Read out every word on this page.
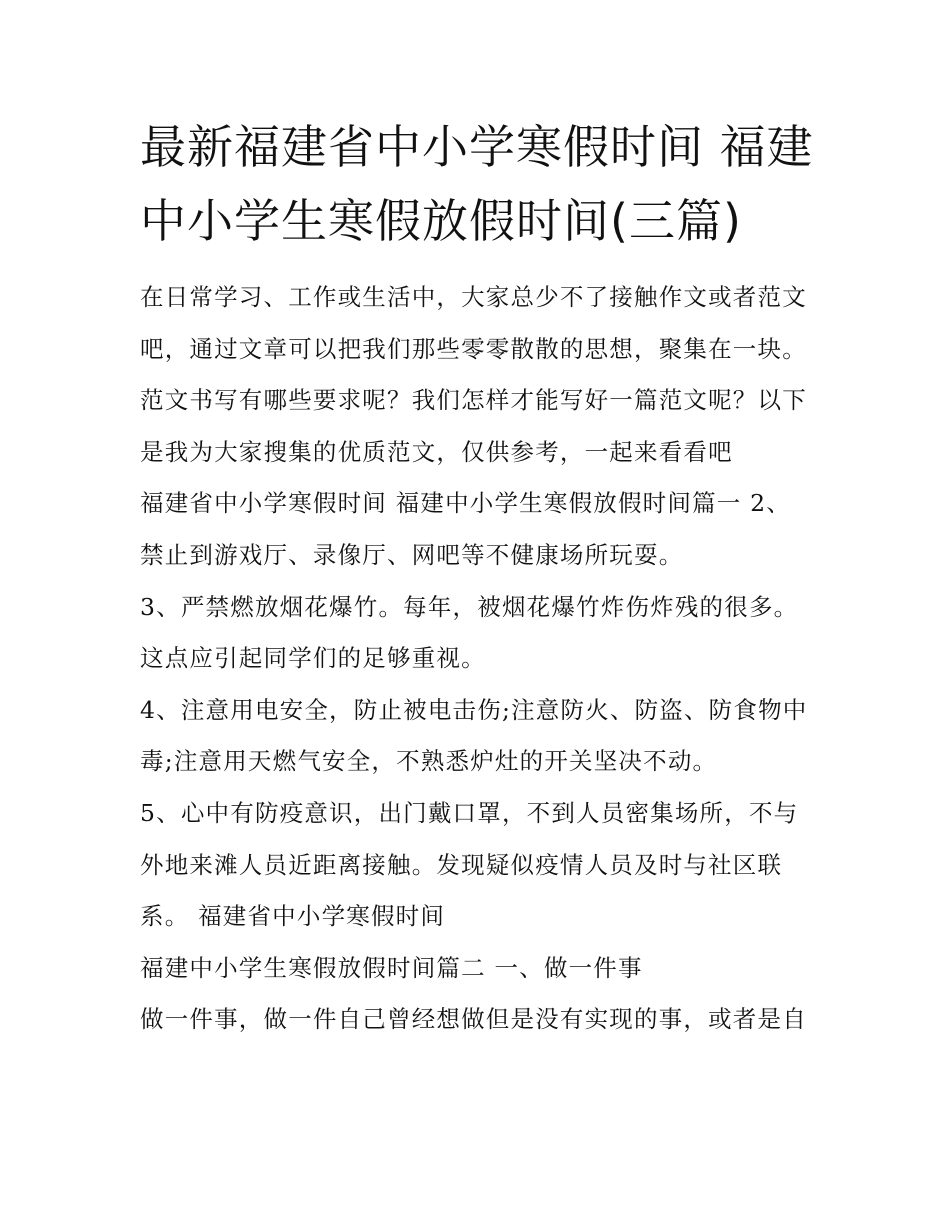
最新福建省中小学寒假时间 福建中小学生寒假放假时间(三篇)

在日常学习、工作或生活中，大家总少不了接触作文或者范文吧，通过文章可以把我们那些零零散散的思想，聚集在一块。范文书写有哪些要求呢？我们怎样才能写好一篇范文呢？以下是我为大家搜集的优质范文，仅供参考，一起来看看吧

福建省中小学寒假时间 福建中小学生寒假放假时间篇一 2、禁止到游戏厅、录像厅、网吧等不健康场所玩耍。

3、严禁燃放烟花爆竹。每年，被烟花爆竹炸伤炸残的很多。这点应引起同学们的足够重视。

4、注意用电安全，防止被电击伤;注意防火、防盗、防食物中毒;注意用天燃气安全，不熟悉炉灶的开关坚决不动。

5、心中有防疫意识，出门戴口罩，不到人员密集场所，不与外地来滩人员近距离接触。发现疑似疫情人员及时与社区联系。 福建省中小学寒假时间

福建中小学生寒假放假时间篇二 一、做一件事

做一件事，做一件自己曾经想做但是没有实现的事，或者是自
